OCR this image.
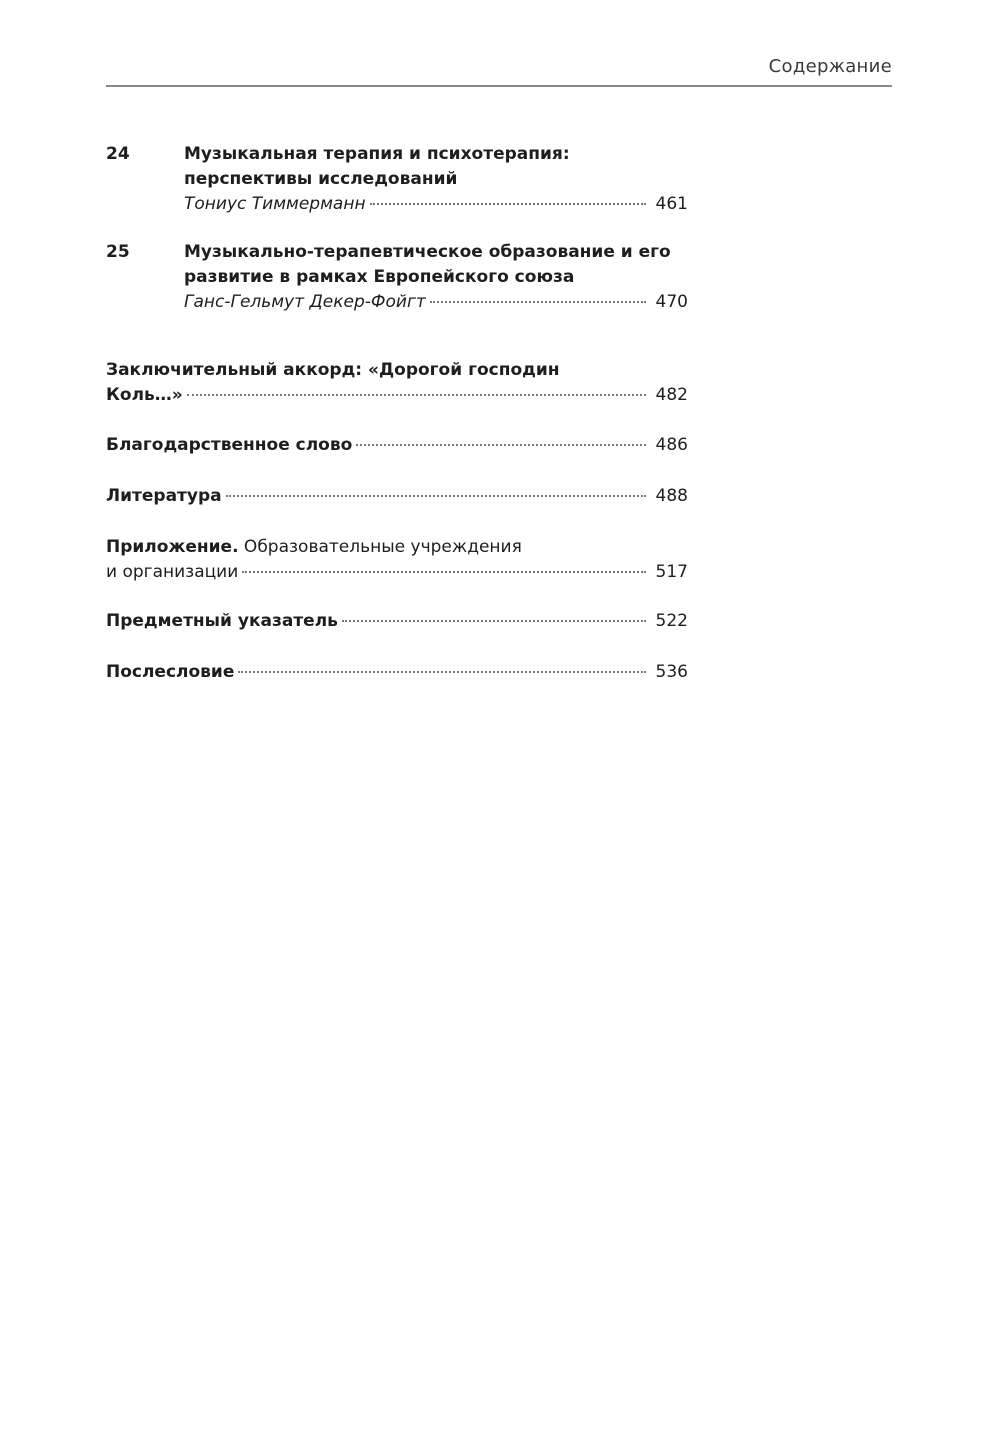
Содержание
24	Музыкальная терапия и психотерапия:
перспективы исследований
Тониус Тиммерманн	461
25	Музыкально-терапевтическое образование и его
развитие в рамках Европейского союза
Ганс-Гельмут Декер-Фойгт	470
Заключительный аккорд: «Дорогой господин
Коль…»	482
Благодарственное слово	486
Литература	488
Приложение. Образовательные учреждения
и организации	517
Предметный указатель	522
Послесловие	536
